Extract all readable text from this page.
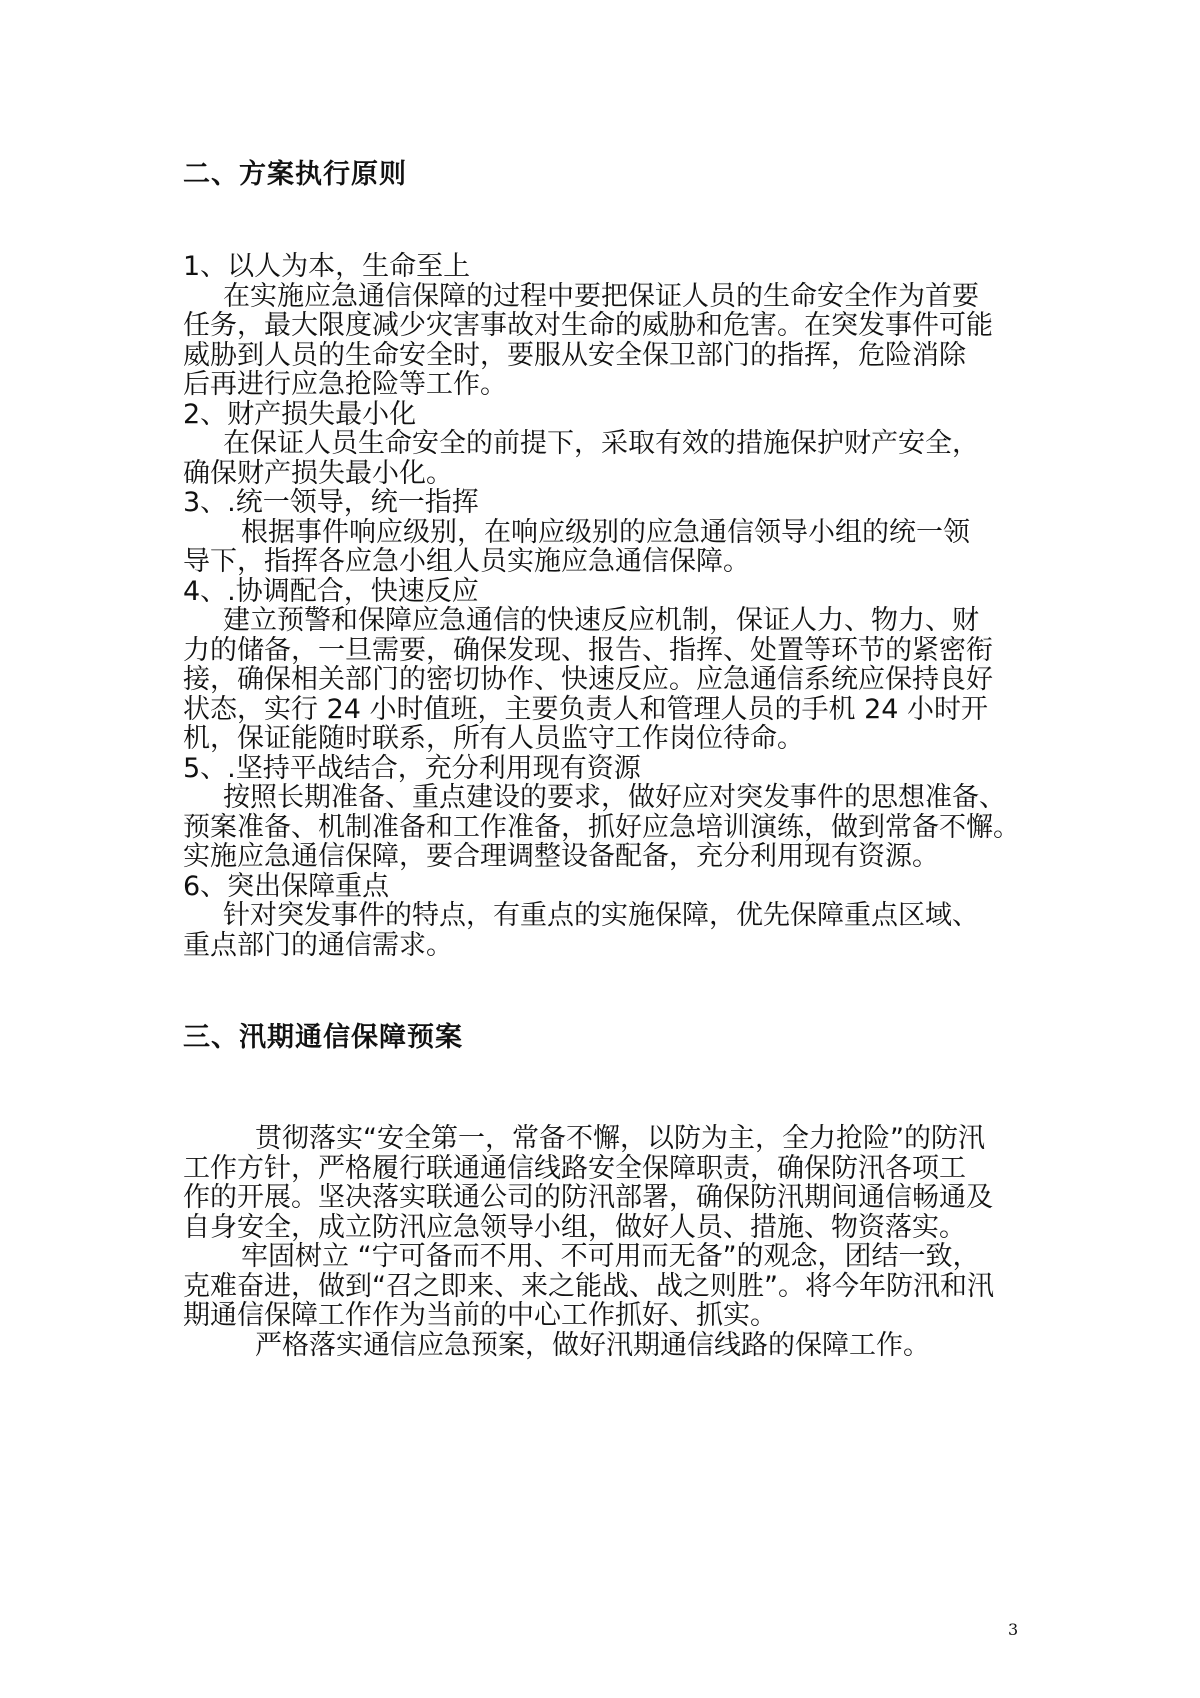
二、方案执行原则

1、以人为本，生命至上

在实施应急通信保障的过程中要把保证人员的生命安全作为首要

任务，最大限度减少灾害事故对生命的威胁和危害。在突发事件可能

威胁到人员的生命安全时，要服从安全保卫部门的指挥，危险消除

后再进行应急抢险等工作。

2、财产损失最小化

在保证人员生命安全的前提下，采取有效的措施保护财产安全，

确保财产损失最小化。

3、.统一领导，统一指挥

根据事件响应级别，在响应级别的应急通信领导小组的统一领

导下，指挥各应急小组人员实施应急通信保障。

4、.协调配合，快速反应

建立预警和保障应急通信的快速反应机制，保证人力、物力、财

力的储备，一旦需要，确保发现、报告、指挥、处置等环节的紧密衔

接，确保相关部门的密切协作、快速反应。应急通信系统应保持良好

状态，实行 24 小时值班，主要负责人和管理人员的手机 24 小时开

机，保证能随时联系，所有人员监守工作岗位待命。

5、.坚持平战结合，充分利用现有资源

按照长期准备、重点建设的要求，做好应对突发事件的思想准备、

预案准备、机制准备和工作准备，抓好应急培训演练，做到常备不懈。

实施应急通信保障，要合理调整设备配备，充分利用现有资源。

6、突出保障重点

针对突发事件的特点，有重点的实施保障，优先保障重点区域、

重点部门的通信需求。

三、汛期通信保障预案

贯彻落实“安全第一，常备不懈，以防为主，全力抢险”的防汛

工作方针，严格履行联通通信线路安全保障职责，确保防汛各项工

作的开展。坚决落实联通公司的防汛部署，确保防汛期间通信畅通及

自身安全，成立防汛应急领导小组，做好人员、措施、物资落实。

牢固树立 “宁可备而不用、不可用而无备”的观念，团结一致，

克难奋进，做到“召之即来、来之能战、战之则胜”。将今年防汛和汛

期通信保障工作作为当前的中心工作抓好、抓实。

严格落实通信应急预案，做好汛期通信线路的保障工作。

3
